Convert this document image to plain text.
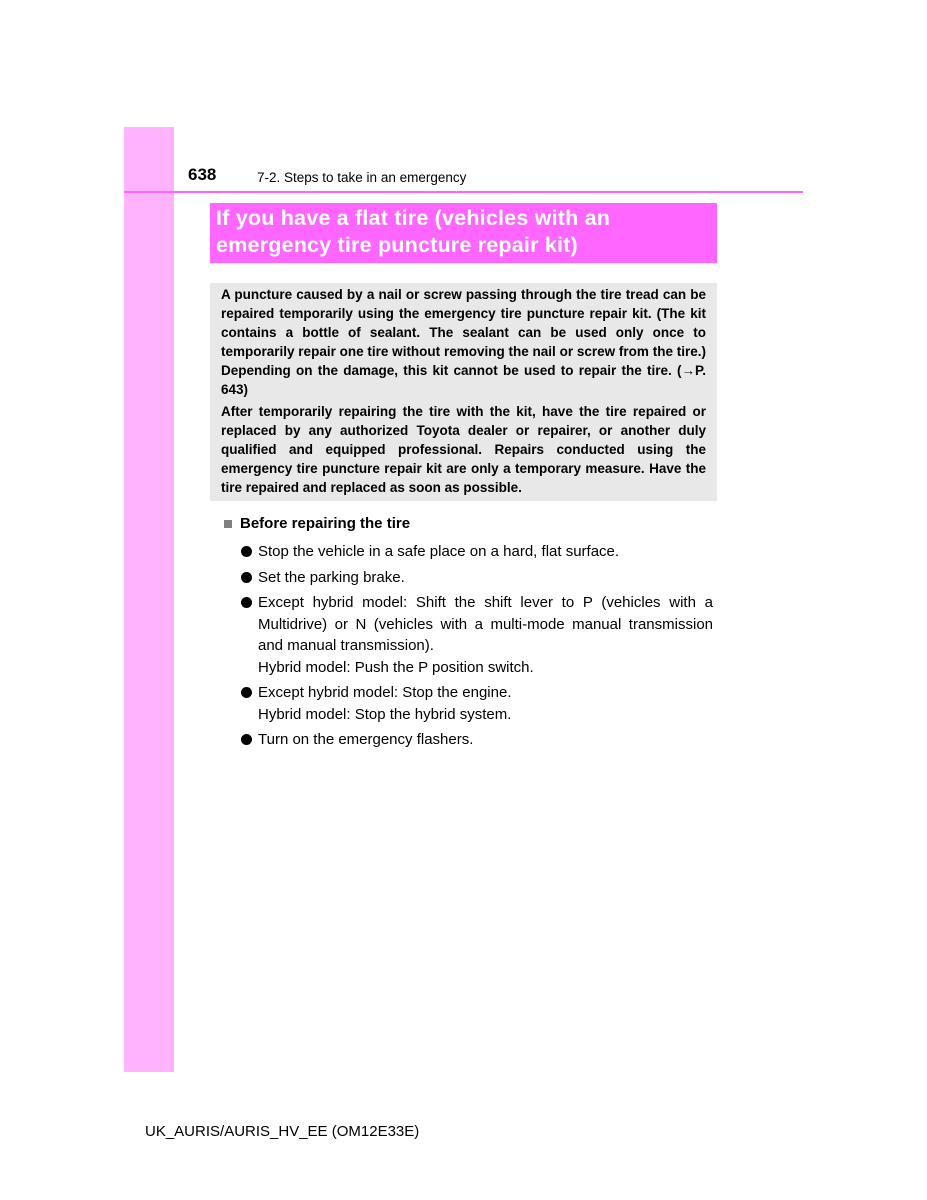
638	7-2. Steps to take in an emergency
If you have a flat tire (vehicles with an
emergency tire puncture repair kit)

A puncture caused by a nail or screw passing through the tire tread can be repaired temporarily using the emergency tire puncture repair kit. (The kit contains a bottle of sealant. The sealant can be used only once to temporarily repair one tire without removing the nail or screw from the tire.) Depending on the damage, this kit cannot be used to repair the tire. (→P. 643)

After temporarily repairing the tire with the kit, have the tire repaired or replaced by any authorized Toyota dealer or repairer, or another duly qualified and equipped professional. Repairs conducted using the emergency tire puncture repair kit are only a temporary measure. Have the tire repaired and replaced as soon as possible.

Before repairing the tire
Stop the vehicle in a safe place on a hard, flat surface.
Set the parking brake.
Except hybrid model: Shift the shift lever to P (vehicles with a Multidrive) or N (vehicles with a multi-mode manual transmission and manual transmission).
Hybrid model: Push the P position switch.
Except hybrid model: Stop the engine.
Hybrid model: Stop the hybrid system.
Turn on the emergency flashers.
UK_AURIS/AURIS_HV_EE (OM12E33E)
